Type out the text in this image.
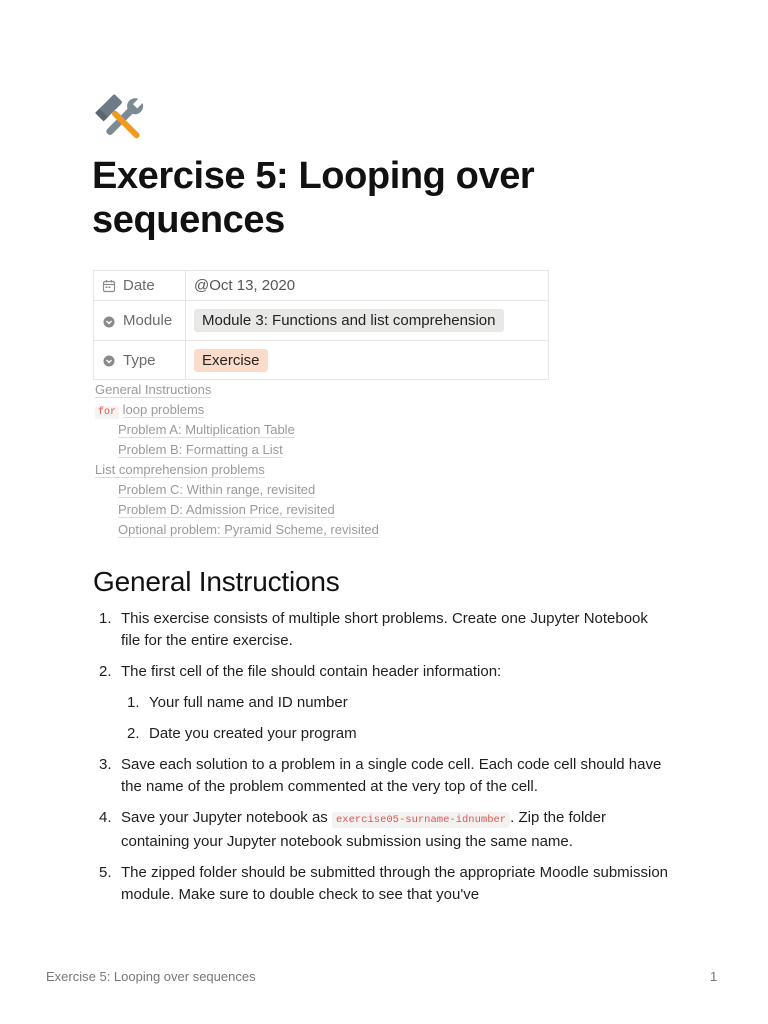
Exercise 5: Looping over sequences
Date	@Oct 13, 2020

Module	Module 3: Functions and list comprehension

Type	Exercise
General Instructions
for loop problems
Problem A: Multiplication Table
Problem B: Formatting a List
List comprehension problems
Problem C: Within range, revisited
Problem D: Admission Price, revisited
Optional problem: Pyramid Scheme, revisited
General Instructions
1. This exercise consists of multiple short problems. Create one Jupyter Notebook file for the entire exercise.
2. The first cell of the file should contain header information:
1. Your full name and ID number
2. Date you created your program
3. Save each solution to a problem in a single code cell. Each code cell should have the name of the problem commented at the very top of the cell.
4. Save your Jupyter notebook as exercise05-surname-idnumber . Zip the folder containing your Jupyter notebook submission using the same name.
5. The zipped folder should be submitted through the appropriate Moodle submission module. Make sure to double check to see that you've
Exercise 5: Looping over sequences	1
